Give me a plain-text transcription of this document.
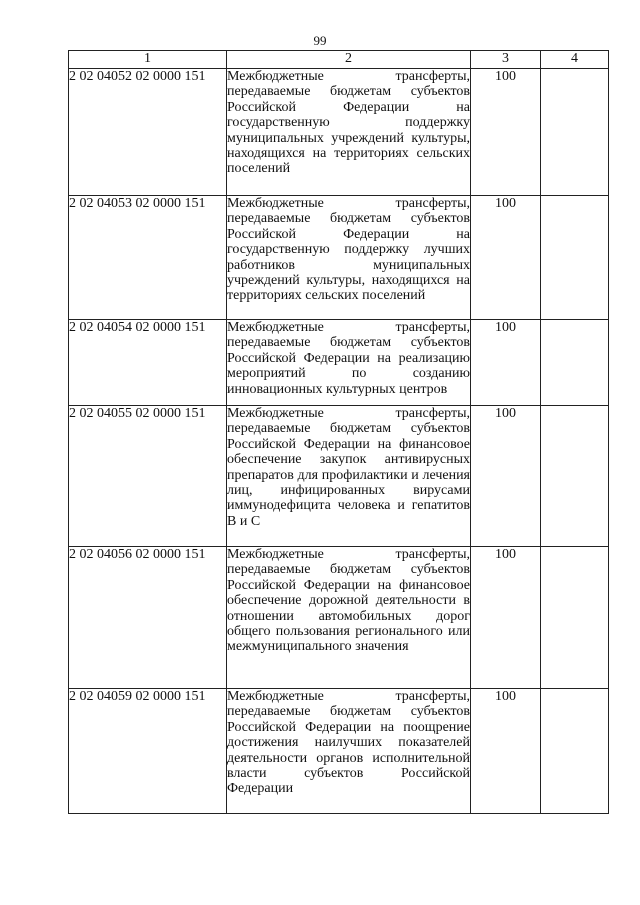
99
1	2	3	4
2 02 04052 02 0000 151	Межбюджетные трансферты, передаваемые бюджетам субъектов Российской Федерации на государственную поддержку муниципальных учреждений культуры, находящихся на территориях сельских поселений	100	
2 02 04053 02 0000 151	Межбюджетные трансферты, передаваемые бюджетам субъектов Российской Федерации на государственную поддержку лучших работников муниципальных учреждений культуры, находящихся на территориях сельских поселений	100	
2 02 04054 02 0000 151	Межбюджетные трансферты, передаваемые бюджетам субъектов Российской Федерации на реализацию мероприятий по созданию инновационных культурных центров	100	
2 02 04055 02 0000 151	Межбюджетные трансферты, передаваемые бюджетам субъектов Российской Федерации на финансовое обеспечение закупок антивирусных препаратов для профилактики и лечения лиц, инфицированных вирусами иммунодефицита человека и гепатитов В и С	100	
2 02 04056 02 0000 151	Межбюджетные трансферты, передаваемые бюджетам субъектов Российской Федерации на финансовое обеспечение дорожной деятельности в отношении автомобильных дорог общего пользования регионального или межмуниципального значения	100	
2 02 04059 02 0000 151	Межбюджетные трансферты, передаваемые бюджетам субъектов Российской Федерации на поощрение достижения наилучших показателей деятельности органов исполнительной власти субъектов Российской Федерации	100	
